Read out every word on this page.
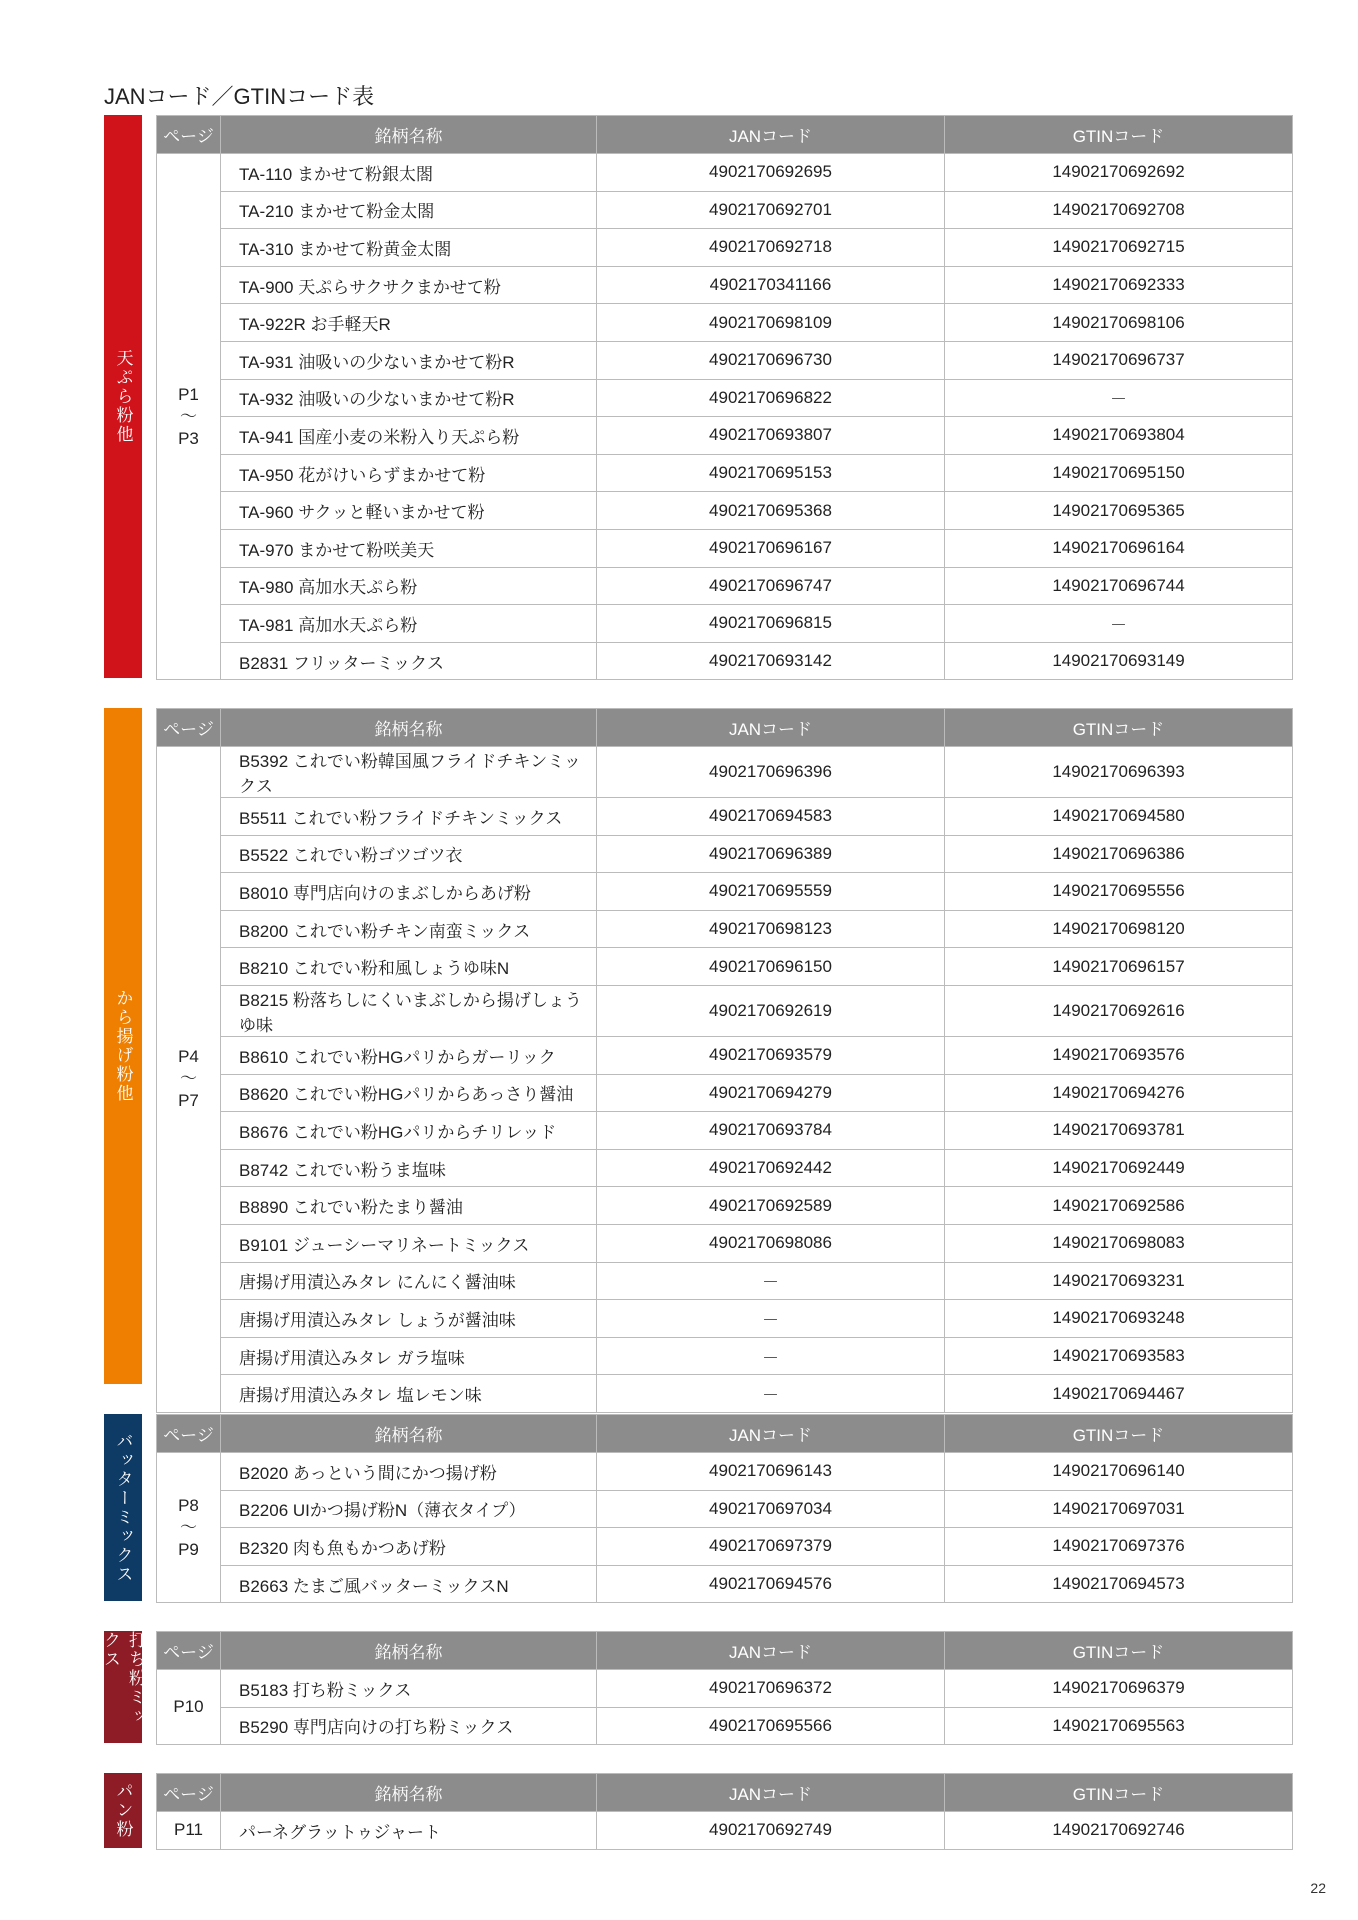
JANコード／GTINコード表
天ぷら粉他
ページ	銘柄名称	JANコード	GTINコード

P1
～
P3	TA-110 まかせて粉銀太閤	4902170692695	14902170692692
	TA-210 まかせて粉金太閤	4902170692701	14902170692708
	TA-310 まかせて粉黄金太閤	4902170692718	14902170692715
	TA-900 天ぷらサクサクまかせて粉	4902170341166	14902170692333
	TA-922R お手軽天R	4902170698109	14902170698106
	TA-931 油吸いの少ないまかせて粉R	4902170696730	14902170696737
	TA-932 油吸いの少ないまかせて粉R	4902170696822	－
	TA-941 国産小麦の米粉入り天ぷら粉	4902170693807	14902170693804
	TA-950 花がけいらずまかせて粉	4902170695153	14902170695150
	TA-960 サクッと軽いまかせて粉	4902170695368	14902170695365
	TA-970 まかせて粉咲美天	4902170696167	14902170696164
	TA-980 高加水天ぷら粉	4902170696747	14902170696744
	TA-981 高加水天ぷら粉	4902170696815	－
	B2831 フリッターミックス	4902170693142	14902170693149
から揚げ粉他
ページ	銘柄名称	JANコード	GTINコード

P4
～
P7	B5392 これでい粉韓国風フライドチキンミックス	4902170696396	14902170696393
	B5511 これでい粉フライドチキンミックス	4902170694583	14902170694580
	B5522 これでい粉ゴツゴツ衣	4902170696389	14902170696386
	B8010 専門店向けのまぶしからあげ粉	4902170695559	14902170695556
	B8200 これでい粉チキン南蛮ミックス	4902170698123	14902170698120
	B8210 これでい粉和風しょうゆ味N	4902170696150	14902170696157
	B8215 粉落ちしにくいまぶしから揚げしょうゆ味	4902170692619	14902170692616
	B8610 これでい粉HGパリからガーリック	4902170693579	14902170693576
	B8620 これでい粉HGパリからあっさり醤油	4902170694279	14902170694276
	B8676 これでい粉HGパリからチリレッド	4902170693784	14902170693781
	B8742 これでい粉うま塩味	4902170692442	14902170692449
	B8890 これでい粉たまり醤油	4902170692589	14902170692586
	B9101 ジューシーマリネートミックス	4902170698086	14902170698083
	唐揚げ用漬込みタレ にんにく醤油味	－	14902170693231
	唐揚げ用漬込みタレ しょうが醤油味	－	14902170693248
	唐揚げ用漬込みタレ ガラ塩味	－	14902170693583
	唐揚げ用漬込みタレ 塩レモン味	－	14902170694467
バッターミックス ページ	銘柄名称	JANコード	GTINコード

P8
～
P9	B2020 あっという間にかつ揚げ粉	4902170696143	14902170696140
	B2206 UIかつ揚げ粉N（薄衣タイプ）	4902170697034	14902170697031
	B2320 肉も魚もかつあげ粉	4902170697379	14902170697376
	B2663 たまご風バッターミックスN	4902170694576	14902170694573
打ち粉ミックス	ページ	銘柄名称	JANコード	GTINコード

P10	B5183 打ち粉ミックス	4902170696372	14902170696379
	B5290 専門店向けの打ち粉ミックス	4902170695566	14902170695563
パン粉 ページ	銘柄名称	JANコード	GTINコード

P11	パーネグラットゥジャート	4902170692749	14902170692746
22
